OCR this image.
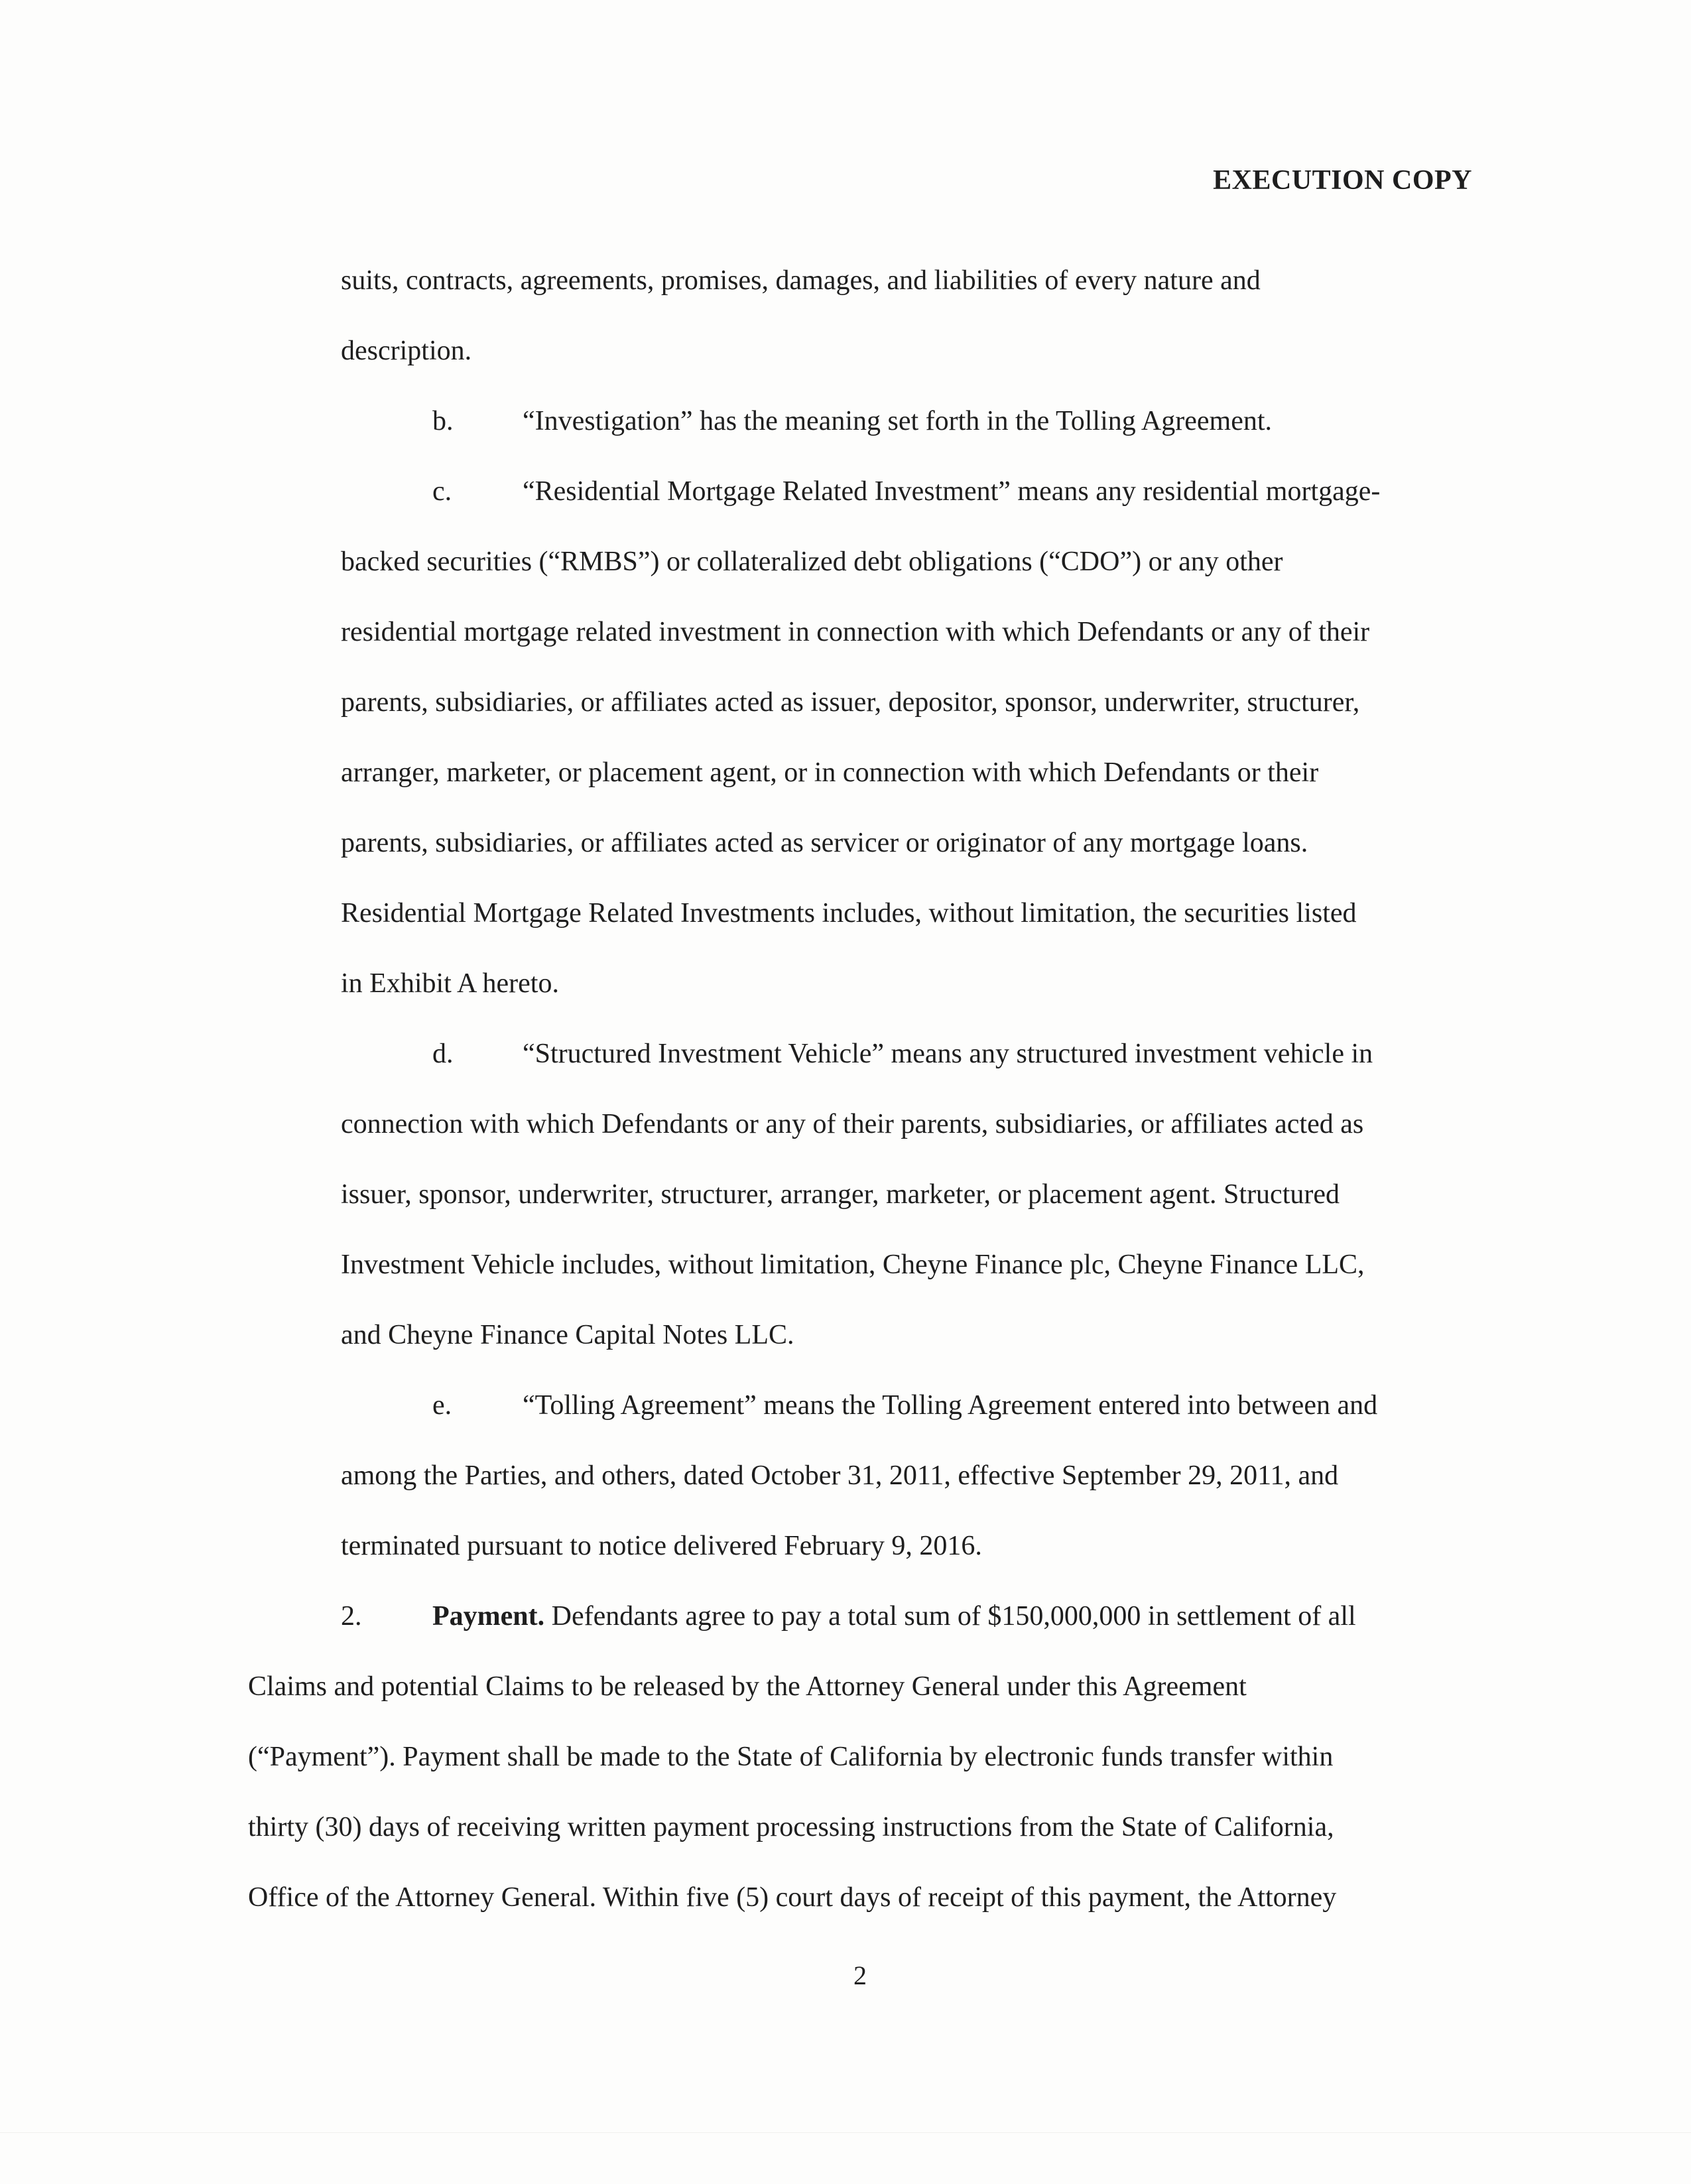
EXECUTION COPY
suits, contracts, agreements, promises, damages, and liabilities of every nature and
description.
b. “Investigation” has the meaning set forth in the Tolling Agreement.
c.	“Residential Mortgage Related Investment” means any residential mortgage-
backed securities (“RMBS”) or collateralized debt obligations (“CDO”) or any other
residential mortgage related investment in connection with which Defendants or any of their
parents, subsidiaries, or affiliates acted as issuer, depositor, sponsor, underwriter, structurer,
arranger, marketer, or placement agent, or in connection with which Defendants or their
parents, subsidiaries, or affiliates acted as servicer or originator of any mortgage loans.
Residential Mortgage Related Investments includes, without limitation, the securities listed
in Exhibit A hereto.
d. “Structured Investment Vehicle” means any structured investment vehicle in
connection with which Defendants or any of their parents, subsidiaries, or affiliates acted as
issuer, sponsor, underwriter, structurer, arranger, marketer, or placement agent. Structured
Investment Vehicle includes, without limitation, Cheyne Finance plc, Cheyne Finance LLC,
and Cheyne Finance Capital Notes LLC.
e.	“Tolling Agreement” means the Tolling Agreement entered into between and
among the Parties, and others, dated October 31, 2011, effective September 29, 2011, and
terminated pursuant to notice delivered February 9, 2016.
2.	Payment. Defendants agree to pay a total sum of $150,000,000 in settlement of all
Claims and potential Claims to be released by the Attorney General under this Agreement
(“Payment”). Payment shall be made to the State of California by electronic funds transfer within
thirty (30) days of receiving written payment processing instructions from the State of California,
Office of the Attorney General. Within five (5) court days of receipt of this payment, the Attorney
2
